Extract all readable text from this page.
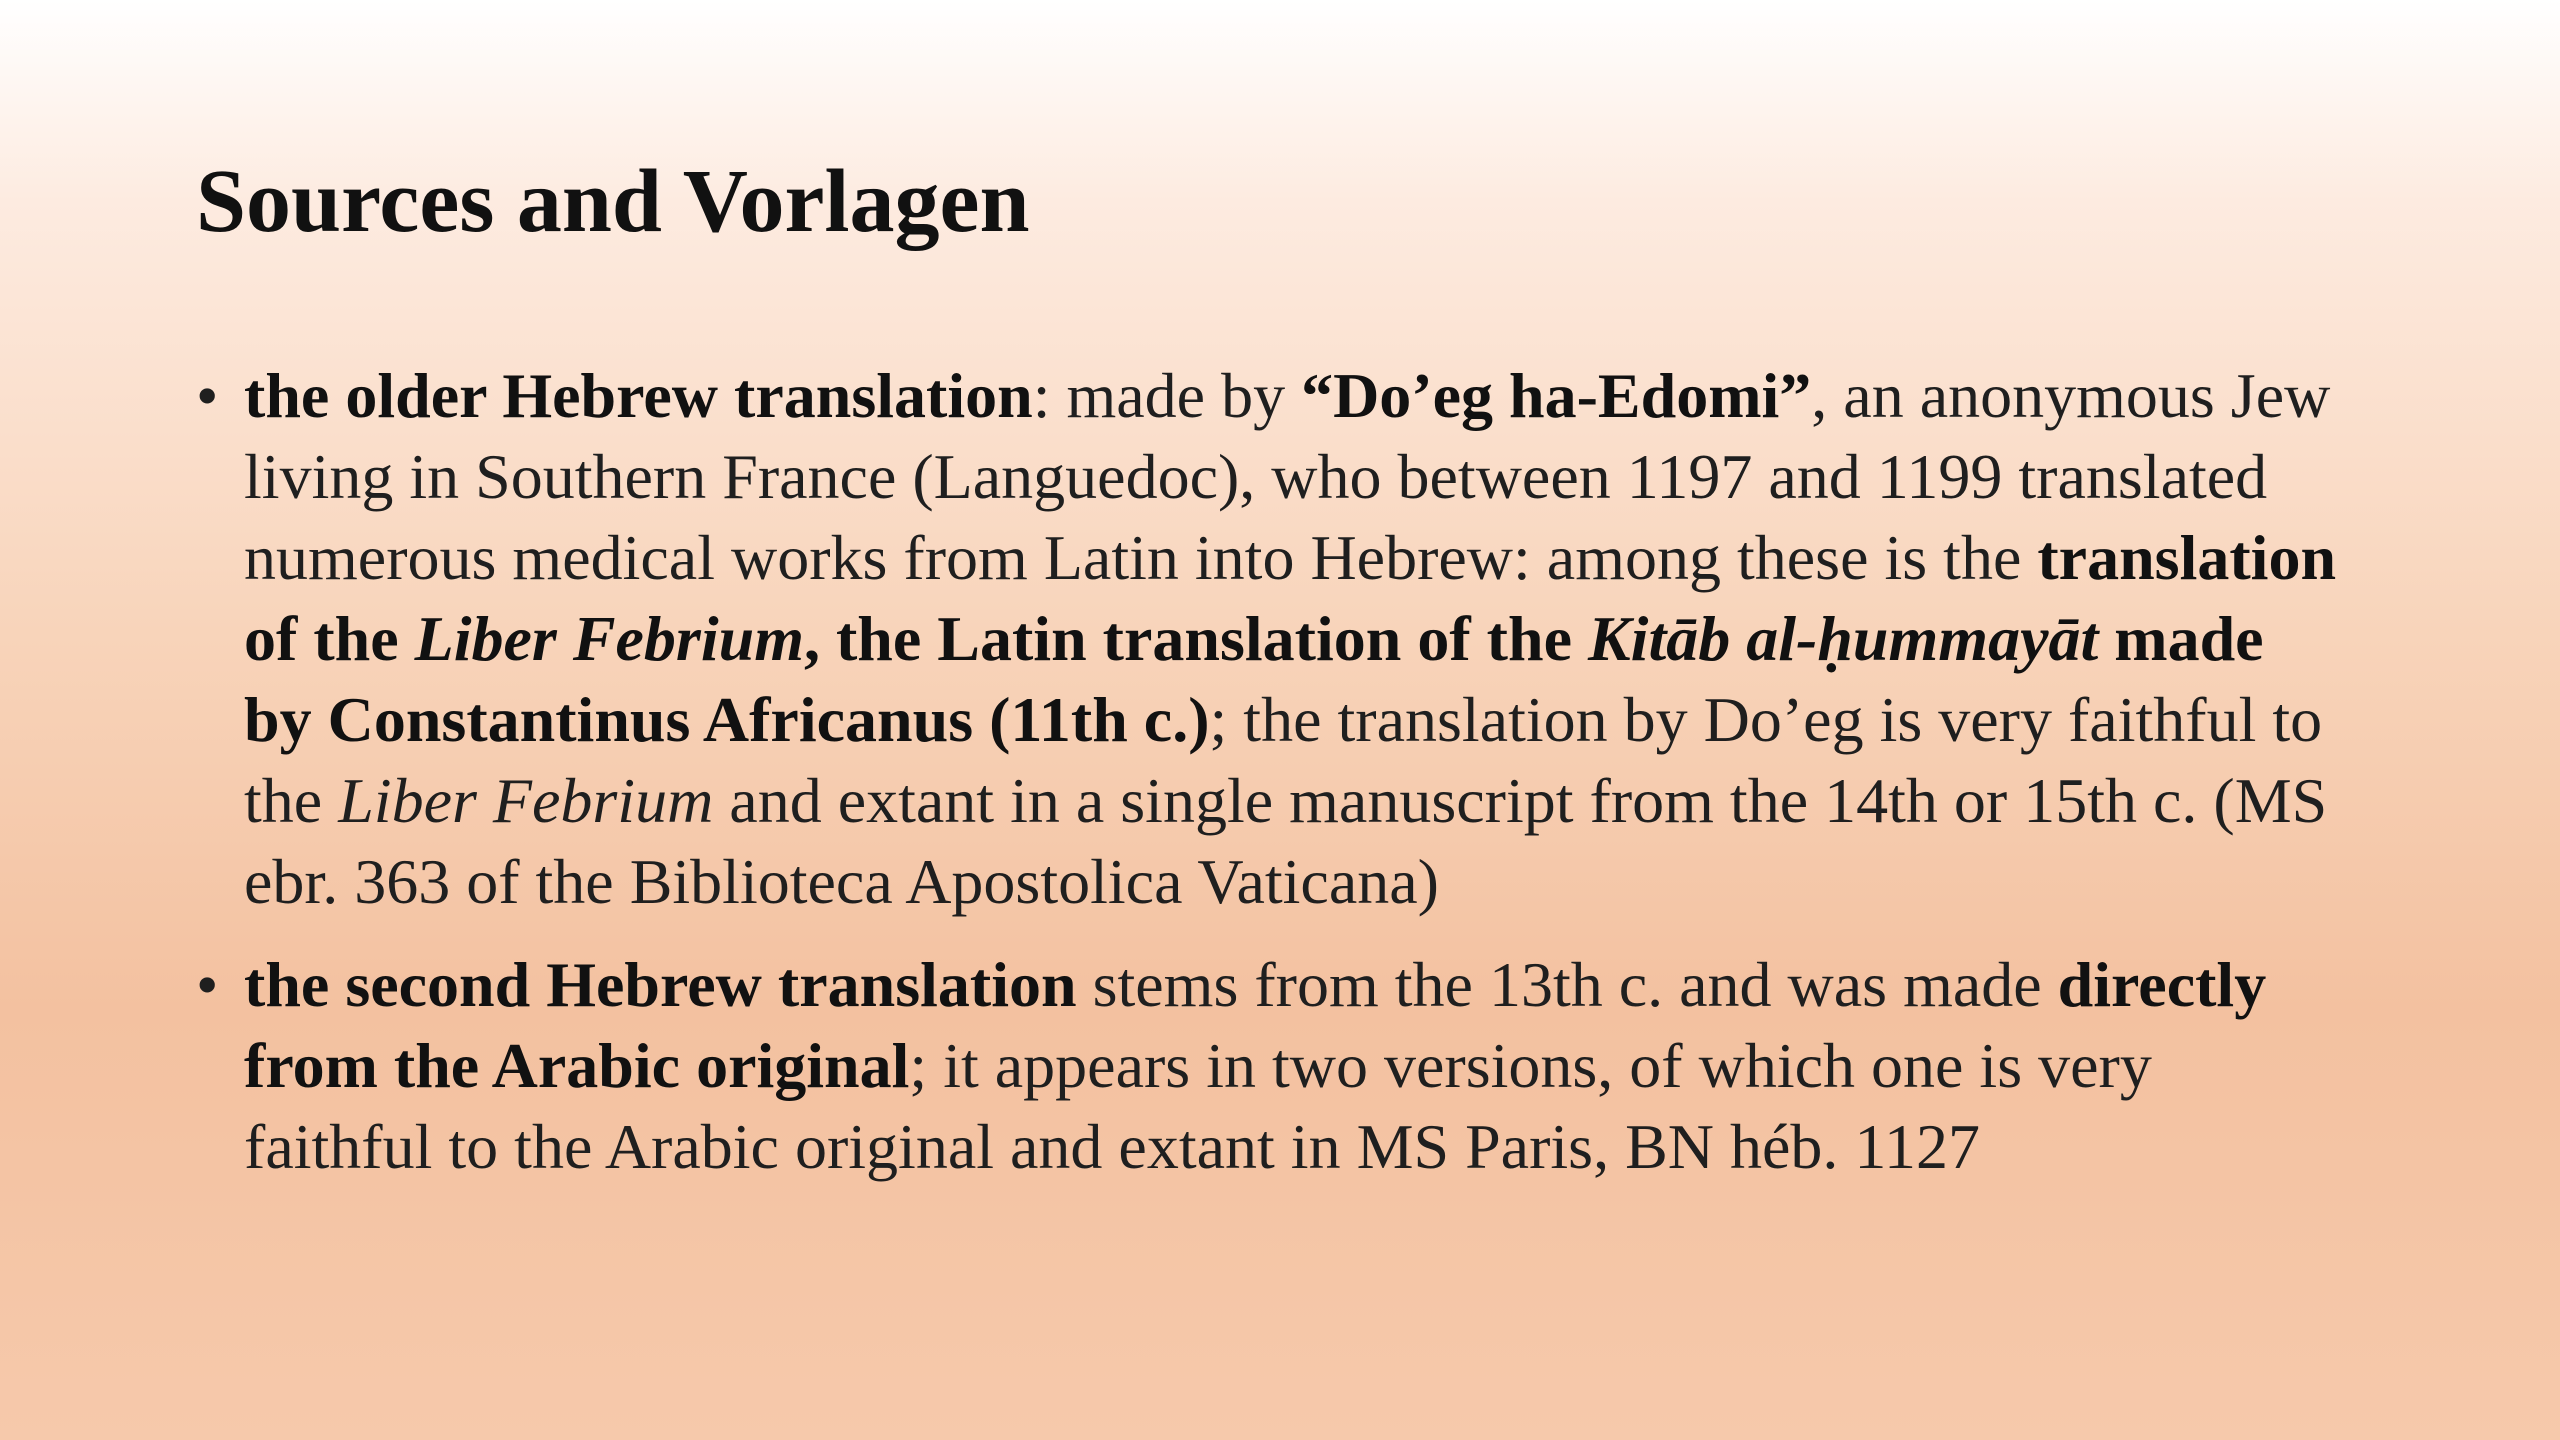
Sources and Vorlagen
• the older Hebrew translation: made by “Do’eg ha-Edomi”, an anonymous Jew living in Southern France (Languedoc), who between 1197 and 1199 translated numerous medical works from Latin into Hebrew: among these is the translation of the Liber Febrium, the Latin translation of the Kitāb al-ḥummayāt made by Constantinus Africanus (11th c.); the translation by Do’eg is very faithful to the Liber Febrium and extant in a single manuscript from the 14th or 15th c. (MS ebr. 363 of the Biblioteca Apostolica Vaticana)
• the second Hebrew translation stems from the 13th c. and was made directly from the Arabic original; it appears in two versions, of which one is very faithful to the Arabic original and extant in MS Paris, BN héb. 1127
